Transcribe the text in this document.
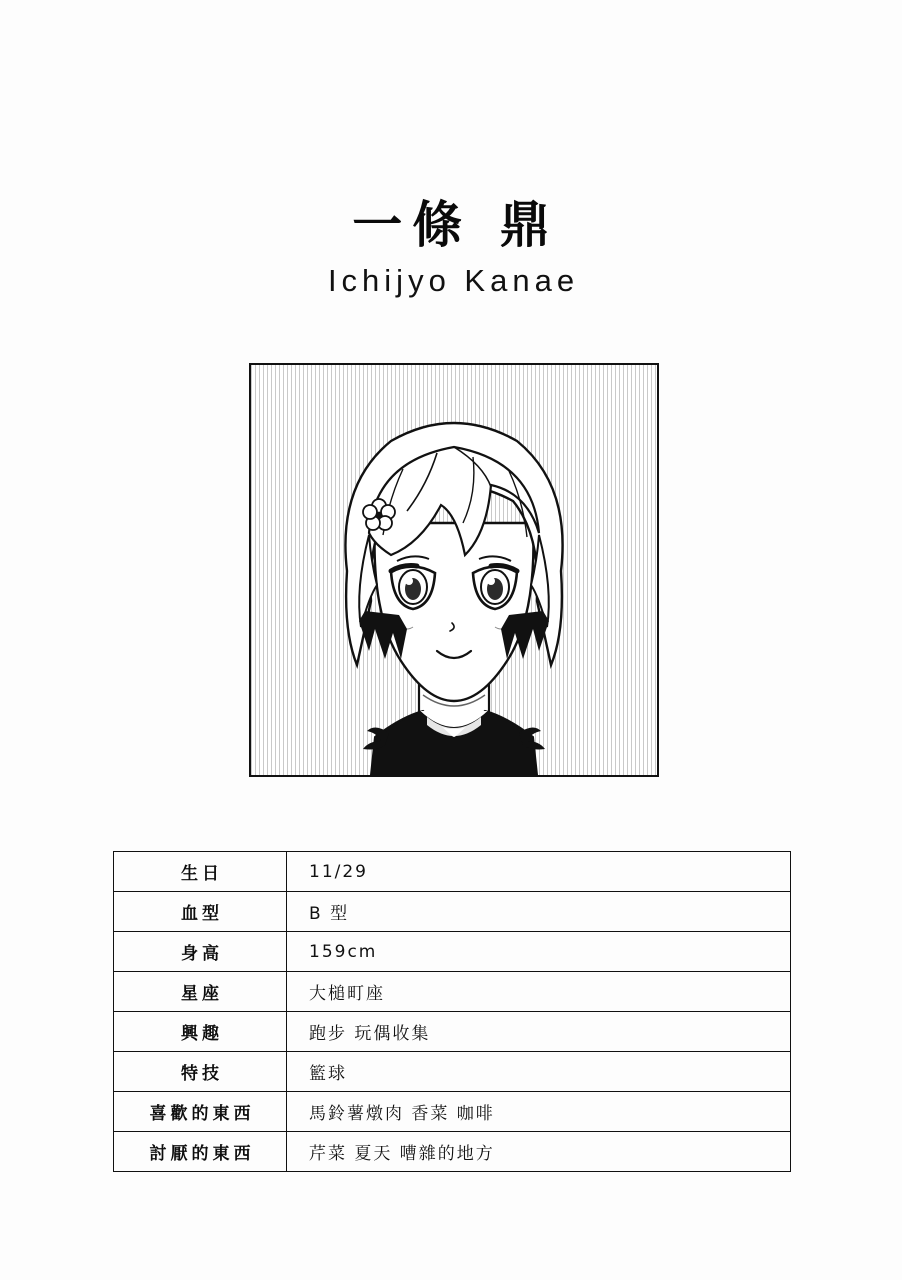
一條 鼎
Ichijyo Kanae
生日	11/29
血型	B 型
身高	159cm
星座	大槌町座
興趣	跑步 玩偶收集
特技	籃球
喜歡的東西	馬鈴薯燉肉 香菜 咖啡
討厭的東西	芹菜 夏天 嘈雜的地方
